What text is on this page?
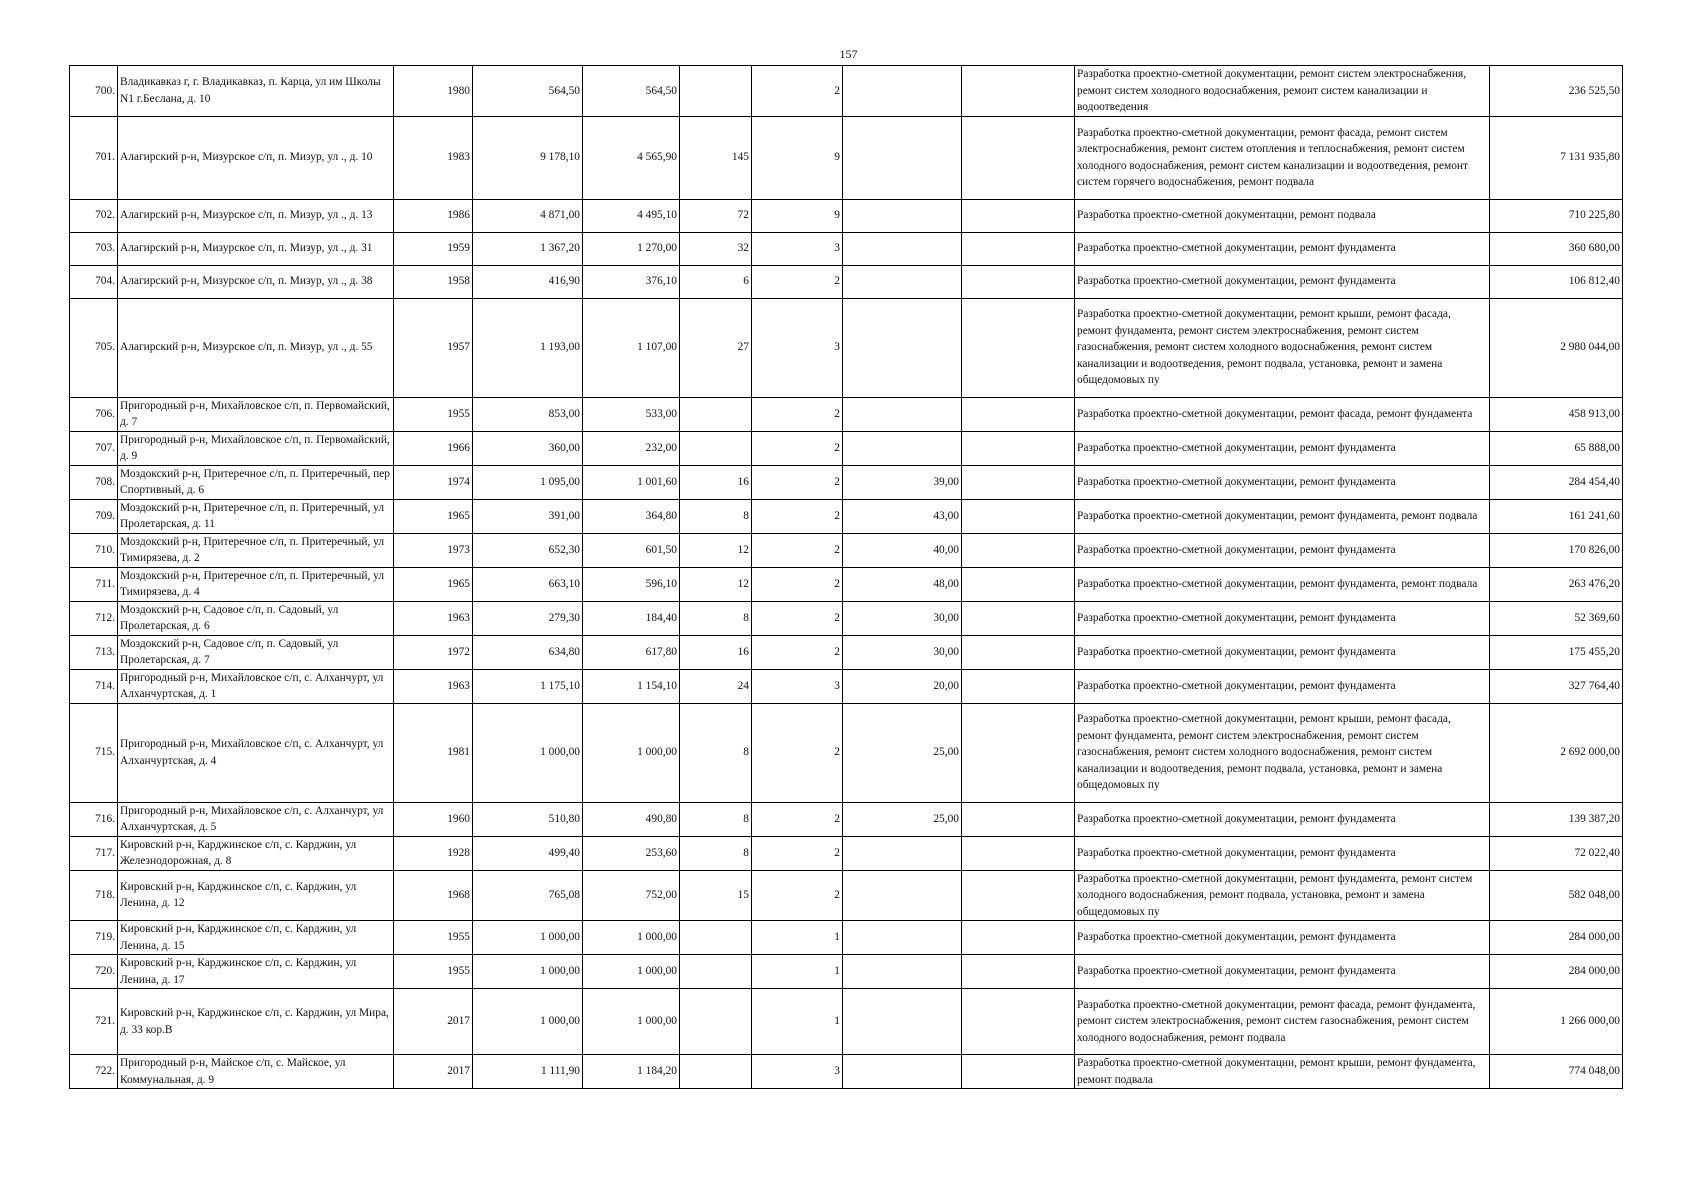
157
700.	Владикавказ г, г. Владикавказ, п. Карца, ул им Школы N1 г.Беслана, д. 10	1980	564,50	564,50		2			Разработка проектно-сметной документации, ремонт систем электроснабжения, ремонт систем холодного водоснабжения, ремонт систем канализации и водоотведения	236 525,50
701.	Алагирский р-н, Мизурское с/п, п. Мизур, ул ., д. 10	1983	9 178,10	4 565,90	145	9			Разработка проектно-сметной документации, ремонт фасада, ремонт систем электроснабжения, ремонт систем отопления и теплоснабжения, ремонт систем холодного водоснабжения, ремонт систем канализации и водоотведения, ремонт систем горячего водоснабжения, ремонт подвала	7 131 935,80
702.	Алагирский р-н, Мизурское с/п, п. Мизур, ул ., д. 13	1986	4 871,00	4 495,10	72	9			Разработка проектно-сметной документации, ремонт подвала	710 225,80
703.	Алагирский р-н, Мизурское с/п, п. Мизур, ул ., д. 31	1959	1 367,20	1 270,00	32	3			Разработка проектно-сметной документации, ремонт фундамента	360 680,00
704.	Алагирский р-н, Мизурское с/п, п. Мизур, ул ., д. 38	1958	416,90	376,10	6	2			Разработка проектно-сметной документации, ремонт фундамента	106 812,40
705.	Алагирский р-н, Мизурское с/п, п. Мизур, ул ., д. 55	1957	1 193,00	1 107,00	27	3			Разработка проектно-сметной документации, ремонт крыши, ремонт фасада, ремонт фундамента, ремонт систем электроснабжения, ремонт систем газоснабжения, ремонт систем холодного водоснабжения, ремонт систем канализации и водоотведения, ремонт подвала, установка, ремонт и замена общедомовых пу	2 980 044,00
706.	Пригородный р-н, Михайловское с/п, п. Первомайский, д. 7	1955	853,00	533,00		2			Разработка проектно-сметной документации, ремонт фасада, ремонт фундамента	458 913,00
707.	Пригородный р-н, Михайловское с/п, п. Первомайский, д. 9	1966	360,00	232,00		2			Разработка проектно-сметной документации, ремонт фундамента	65 888,00
708.	Моздокский р-н, Притеречное с/п, п. Притеречный, пер Спортивный, д. 6	1974	1 095,00	1 001,60	16	2	39,00		Разработка проектно-сметной документации, ремонт фундамента	284 454,40
709.	Моздокский р-н, Притеречное с/п, п. Притеречный, ул Пролетарская, д. 11	1965	391,00	364,80	8	2	43,00		Разработка проектно-сметной документации, ремонт фундамента, ремонт подвала	161 241,60
710.	Моздокский р-н, Притеречное с/п, п. Притеречный, ул Тимирязева, д. 2	1973	652,30	601,50	12	2	40,00		Разработка проектно-сметной документации, ремонт фундамента	170 826,00
711.	Моздокский р-н, Притеречное с/п, п. Притеречный, ул Тимирязева, д. 4	1965	663,10	596,10	12	2	48,00		Разработка проектно-сметной документации, ремонт фундамента, ремонт подвала	263 476,20
712.	Моздокский р-н, Садовое с/п, п. Садовый, ул Пролетарская, д. 6	1963	279,30	184,40	8	2	30,00		Разработка проектно-сметной документации, ремонт фундамента	52 369,60
713.	Моздокский р-н, Садовое с/п, п. Садовый, ул Пролетарская, д. 7	1972	634,80	617,80	16	2	30,00		Разработка проектно-сметной документации, ремонт фундамента	175 455,20
714.	Пригородный р-н, Михайловское с/п, с. Алханчурт, ул Алханчуртская, д. 1	1963	1 175,10	1 154,10	24	3	20,00		Разработка проектно-сметной документации, ремонт фундамента	327 764,40
715.	Пригородный р-н, Михайловское с/п, с. Алханчурт, ул Алханчуртская, д. 4	1981	1 000,00	1 000,00	8	2	25,00		Разработка проектно-сметной документации, ремонт крыши, ремонт фасада, ремонт фундамента, ремонт систем электроснабжения, ремонт систем газоснабжения, ремонт систем холодного водоснабжения, ремонт систем канализации и водоотведения, ремонт подвала, установка, ремонт и замена общедомовых пу	2 692 000,00
716.	Пригородный р-н, Михайловское с/п, с. Алханчурт, ул Алханчуртская, д. 5	1960	510,80	490,80	8	2	25,00		Разработка проектно-сметной документации, ремонт фундамента	139 387,20
717.	Кировский р-н, Карджинское с/п, с. Карджин, ул Железнодорожная, д. 8	1928	499,40	253,60	8	2			Разработка проектно-сметной документации, ремонт фундамента	72 022,40
718.	Кировский р-н, Карджинское с/п, с. Карджин, ул Ленина, д. 12	1968	765,08	752,00	15	2			Разработка проектно-сметной документации, ремонт фундамента, ремонт систем холодного водоснабжения, ремонт подвала, установка, ремонт и замена общедомовых пу	582 048,00
719.	Кировский р-н, Карджинское с/п, с. Карджин, ул Ленина, д. 15	1955	1 000,00	1 000,00		1			Разработка проектно-сметной документации, ремонт фундамента	284 000,00
720.	Кировский р-н, Карджинское с/п, с. Карджин, ул Ленина, д. 17	1955	1 000,00	1 000,00		1			Разработка проектно-сметной документации, ремонт фундамента	284 000,00
721.	Кировский р-н, Карджинское с/п, с. Карджин, ул Мира, д. 33 кор.В	2017	1 000,00	1 000,00		1			Разработка проектно-сметной документации, ремонт фасада, ремонт фундамента, ремонт систем электроснабжения, ремонт систем газоснабжения, ремонт систем холодного водоснабжения, ремонт подвала	1 266 000,00
722.	Пригородный р-н, Майское с/п, с. Майское, ул Коммунальная, д. 9	2017	1 111,90	1 184,20		3			Разработка проектно-сметной документации, ремонт крыши, ремонт фундамента, ремонт подвала	774 048,00
